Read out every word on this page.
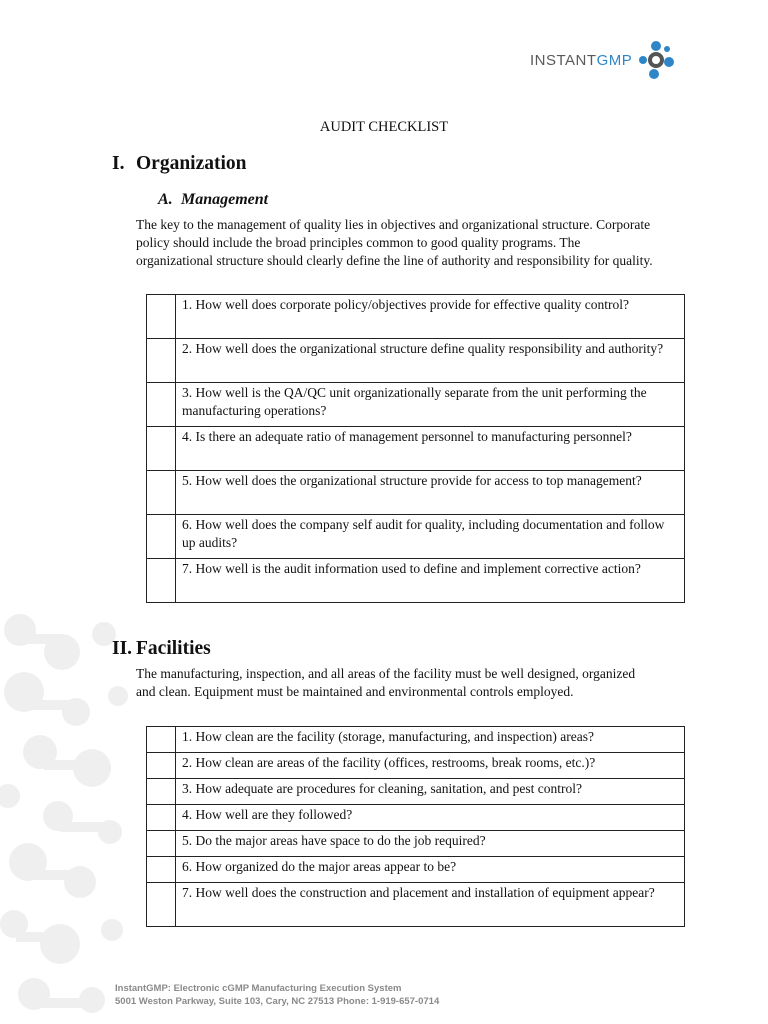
INSTANTGMP
AUDIT CHECKLIST
I. Organization
A. Management

The key to the management of quality lies in objectives and organizational structure. Corporate policy should include the broad principles common to good quality programs. The organizational structure should clearly define the line of authority and responsibility for quality.

	1. How well does corporate policy/objectives provide for effective quality control?
	2. How well does the organizational structure define quality responsibility and authority?
	3. How well is the QA/QC unit organizationally separate from the unit performing the manufacturing operations?
	4. Is there an adequate ratio of management personnel to manufacturing personnel?
	5. How well does the organizational structure provide for access to top management?
	6. How well does the company self audit for quality, including documentation and follow up audits?
	7. How well is the audit information used to define and implement corrective action?
II. Facilities

The manufacturing, inspection, and all areas of the facility must be well designed, organized and clean. Equipment must be maintained and environmental controls employed.

	1. How clean are the facility (storage, manufacturing, and inspection) areas?
	2. How clean are areas of the facility (offices, restrooms, break rooms, etc.)?
	3. How adequate are procedures for cleaning, sanitation, and pest control?
	4. How well are they followed?
	5. Do the major areas have space to do the job required?
	6. How organized do the major areas appear to be?
	7. How well does the construction and placement and installation of equipment appear?
InstantGMP: Electronic cGMP Manufacturing Execution System
5001 Weston Parkway, Suite 103, Cary, NC 27513 Phone: 1-919-657-0714
